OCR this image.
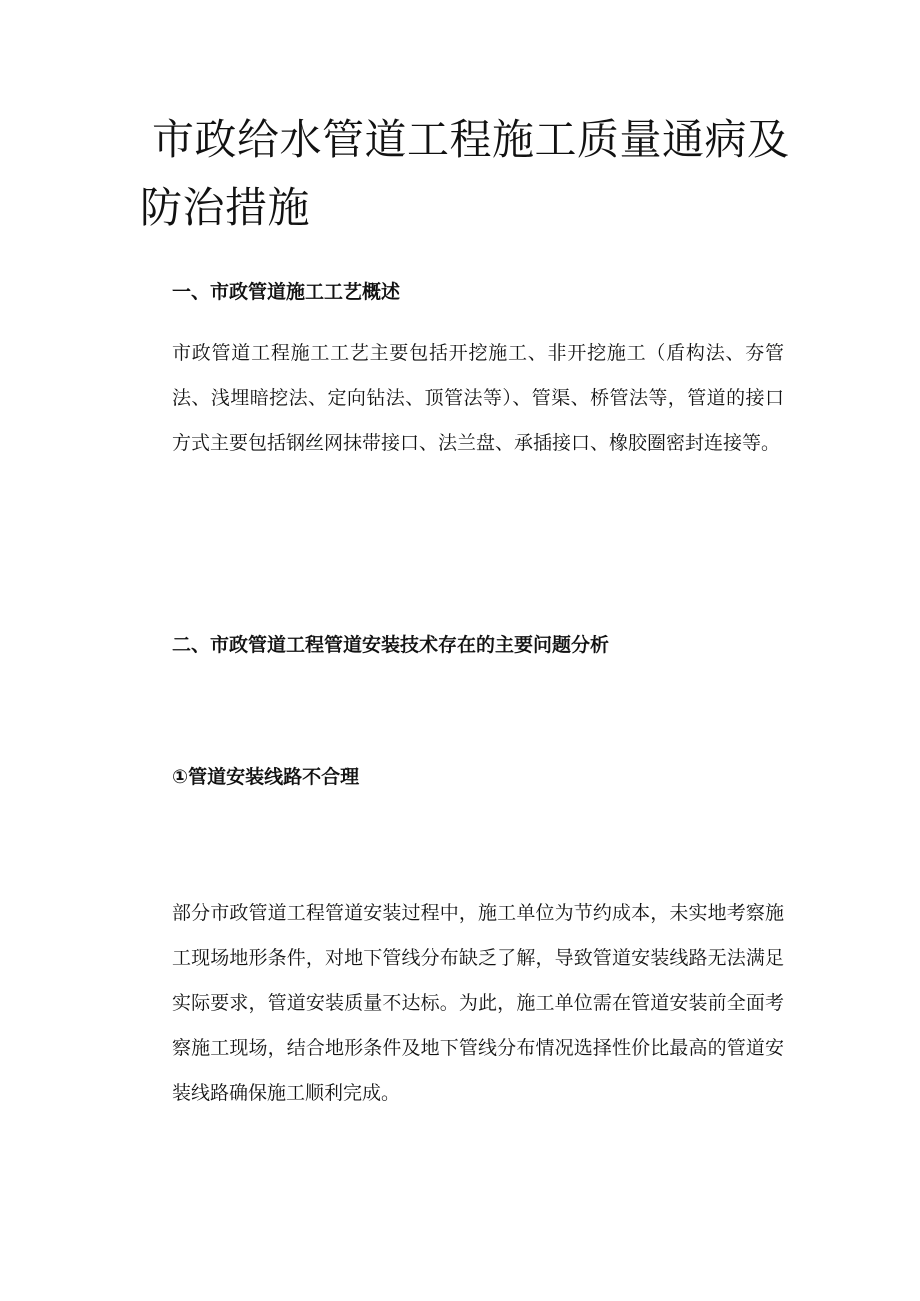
市政给水管道工程施工质量通病及防治措施
一、市政管道施工工艺概述

市政管道工程施工工艺主要包括开挖施工、非开挖施工（盾构法、夯管法、浅埋暗挖法、定向钻法、顶管法等）、管渠、桥管法等，管道的接口方式主要包括钢丝网抹带接口、法兰盘、承插接口、橡胶圈密封连接等。

二、市政管道工程管道安装技术存在的主要问题分析
①管道安装线路不合理

部分市政管道工程管道安装过程中，施工单位为节约成本，未实地考察施工现场地形条件，对地下管线分布缺乏了解，导致管道安装线路无法满足实际要求，管道安装质量不达标。为此，施工单位需在管道安装前全面考察施工现场，结合地形条件及地下管线分布情况选择性价比最高的管道安装线路确保施工顺利完成。
